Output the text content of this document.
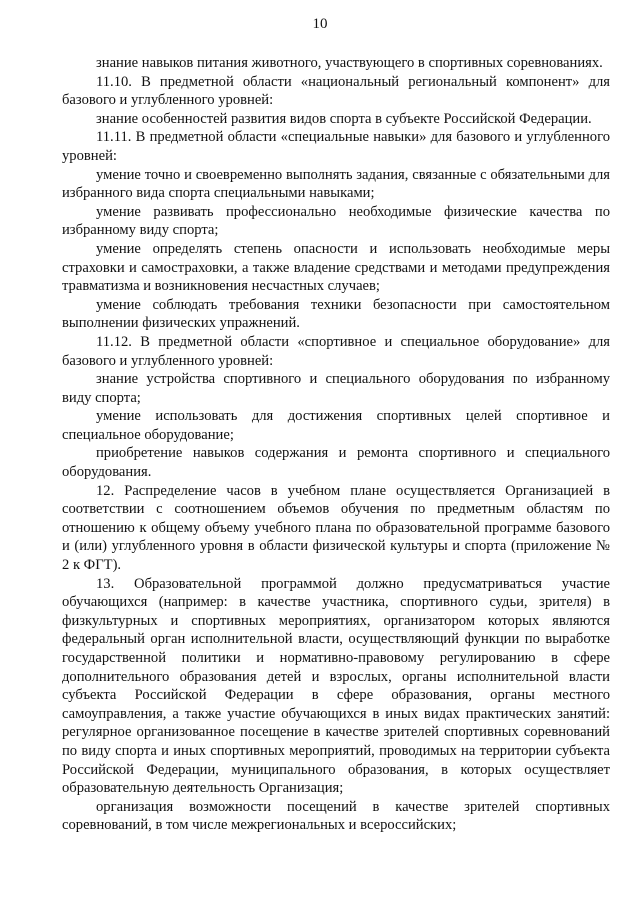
10

знание навыков питания животного, участвующего в спортивных соревнованиях.

11.10. В предметной области «национальный региональный компонент» для базового и углубленного уровней:

знание особенностей развития видов спорта в субъекте Российской Федерации.

11.11. В предметной области «специальные навыки» для базового и углубленного уровней:

умение точно и своевременно выполнять задания, связанные с обязательными для избранного вида спорта специальными навыками;

умение развивать профессионально необходимые физические качества по избранному виду спорта;

умение определять степень опасности и использовать необходимые меры страховки и самостраховки, а также владение средствами и методами предупреждения травматизма и возникновения несчастных случаев;

умение соблюдать требования техники безопасности при самостоятельном выполнении физических упражнений.

11.12. В предметной области «спортивное и специальное оборудование» для базового и углубленного уровней:

знание устройства спортивного и специального оборудования по избранному виду спорта;

умение использовать для достижения спортивных целей спортивное и специальное оборудование;

приобретение навыков содержания и ремонта спортивного и специального оборудования.

12. Распределение часов в учебном плане осуществляется Организацией в соответствии с соотношением объемов обучения по предметным областям по отношению к общему объему учебного плана по образовательной программе базового и (или) углубленного уровня в области физической культуры и спорта (приложение № 2 к ФГТ).

13. Образовательной программой должно предусматриваться участие обучающихся (например: в качестве участника, спортивного судьи, зрителя) в физкультурных и спортивных мероприятиях, организатором которых являются федеральный орган исполнительной власти, осуществляющий функции по выработке государственной политики и нормативно-правовому регулированию в сфере дополнительного образования детей и взрослых, органы исполнительной власти субъекта Российской Федерации в сфере образования, органы местного самоуправления, а также участие обучающихся в иных видах практических занятий: регулярное организованное посещение в качестве зрителей спортивных соревнований по виду спорта и иных спортивных мероприятий, проводимых на территории субъекта Российской Федерации, муниципального образования, в которых осуществляет образовательную деятельность Организация;

организация возможности посещений в качестве зрителей спортивных соревнований, в том числе межрегиональных и всероссийских;
